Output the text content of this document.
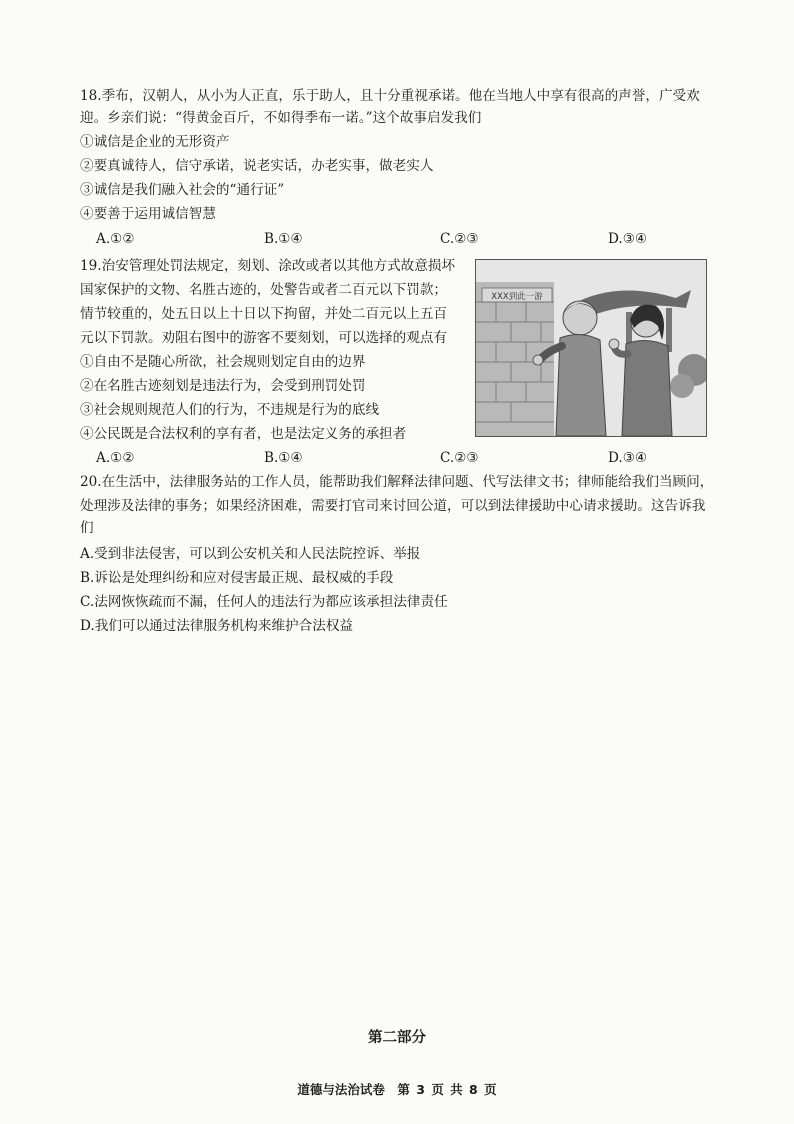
18.季布，汉朝人，从小为人正直，乐于助人，且十分重视承诺。他在当地人中享有很高的声誉，广受欢
迎。乡亲们说：“得黄金百斤，不如得季布一诺。”这个故事启发我们
①诚信是企业的无形资产
②要真诚待人，信守承诺，说老实话，办老实事，做老实人
③诚信是我们融入社会的“通行证”
④要善于运用诚信智慧
A.①②	B.①④	C.②③	D.③④
19.治安管理处罚法规定，刻划、涂改或者以其他方式故意损坏
国家保护的文物、名胜古迹的，处警告或者二百元以下罚款；
情节较重的，处五日以上十日以下拘留，并处二百元以上五百
元以下罚款。劝阻右图中的游客不要刻划，可以选择的观点有
①自由不是随心所欲，社会规则划定自由的边界
②在名胜古迹刻划是违法行为，会受到刑罚处罚
③社会规则规范人们的行为，不违规是行为的底线
④公民既是合法权利的享有者，也是法定义务的承担者
A.①②	B.①④	C.②③	D.③④
XXX到此一游
20.在生活中，法律服务站的工作人员，能帮助我们解释法律问题、代写法律文书；律师能给我们当顾问，
处理涉及法律的事务；如果经济困难，需要打官司来讨回公道，可以到法律援助中心请求援助。这告诉我
们
A.受到非法侵害，可以到公安机关和人民法院控诉、举报
B.诉讼是处理纠纷和应对侵害最正规、最权威的手段
C.法网恢恢疏而不漏，任何人的违法行为都应该承担法律责任
D.我们可以通过法律服务机构来维护合法权益
第二部分
道德与法治试卷　第 3 页 共 8 页
